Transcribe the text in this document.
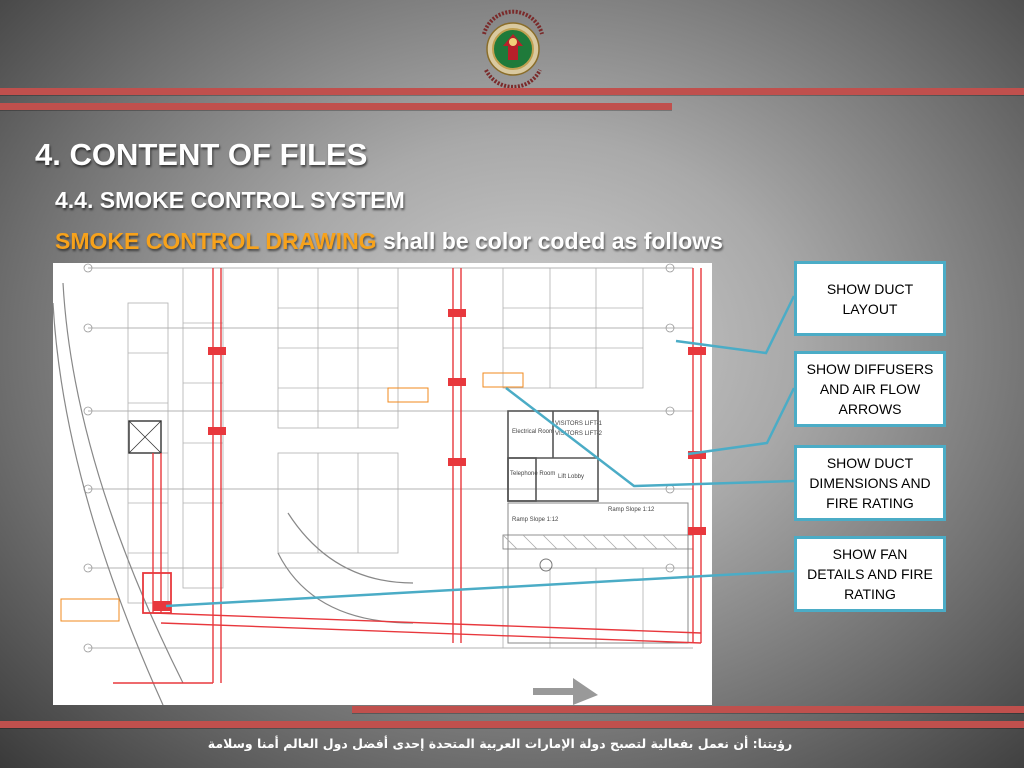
4. CONTENT OF FILES
4.4. SMOKE CONTROL SYSTEM
SMOKE CONTROL DRAWING shall be color coded as follows
Electrical Room
VISITORS LIFT-1
VISITORS LIFT-2
Telephone Room Lift Lobby
Ramp Slope 1:12
Ramp Slope 1:12
SHOW DUCT LAYOUT
SHOW DIFFUSERS AND AIR FLOW ARROWS
SHOW DUCT DIMENSIONS AND FIRE RATING
SHOW FAN DETAILS AND FIRE RATING
رؤيتنا: أن نعمل بفعالية لتصبح دولة الإمارات العربية المتحدة إحدى أفضل دول العالم أمنا وسلامة
